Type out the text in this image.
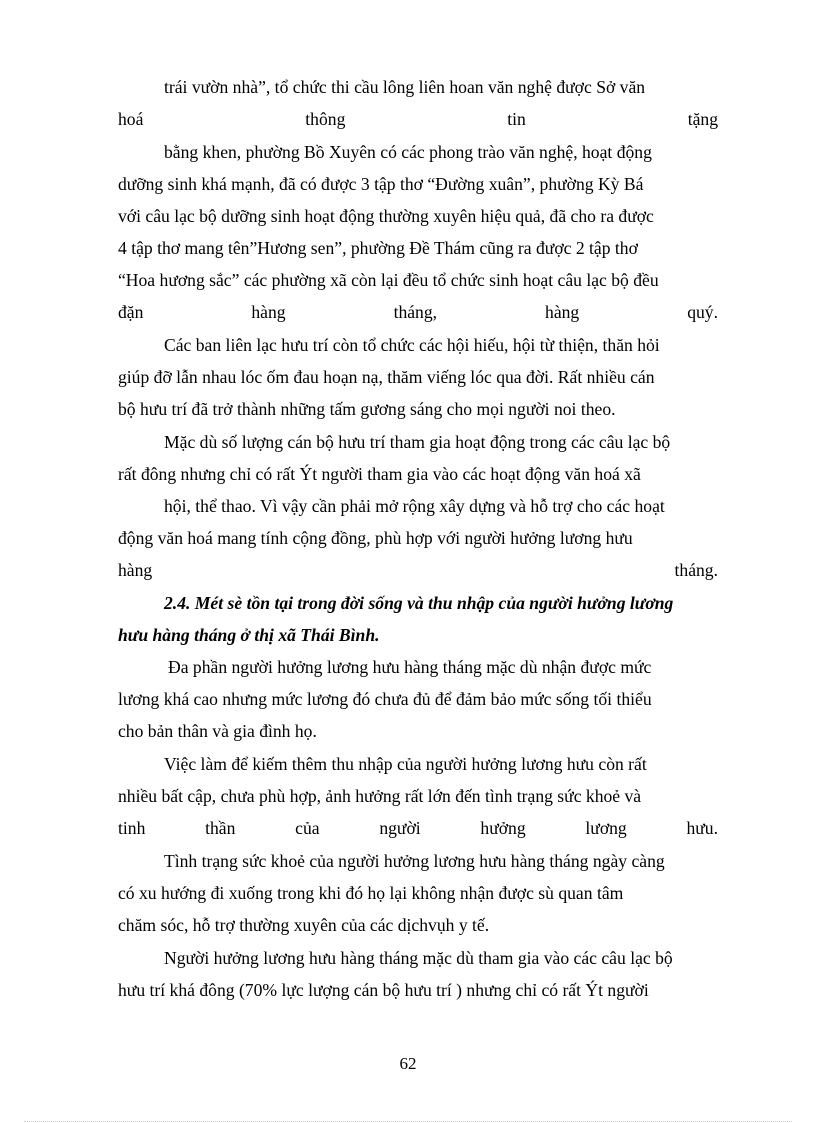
trái vườn nhà”, tổ chức thi cầu lông liên hoan văn nghệ được Sở văn
hoá thông tin tặng
bằng khen, phường Bồ Xuyên có các phong trào văn nghệ, hoạt động
dưỡng sinh khá mạnh, đã có được 3 tập thơ “Đường xuân”, phường Kỳ Bá
với câu lạc bộ dưỡng sinh hoạt động thường xuyên hiệu quả, đã cho ra được
4 tập thơ mang tên”Hương sen”, phường Đề Thám cũng ra được 2 tập thơ
“Hoa hương sắc” các phường xã còn lại đều tổ chức sinh hoạt câu lạc bộ đều
đặn hàng tháng, hàng quý.
Các ban liên lạc hưu trí còn tổ chức các hội hiếu, hội từ thiện, thăn hỏi
giúp đỡ lẫn nhau lóc ốm đau hoạn nạ, thăm viếng lóc qua đời. Rất nhiều cán
bộ hưu trí đã trở thành những tấm gương sáng cho mọi người noi theo.
Mặc dù số lượng cán bộ hưu trí tham gia hoạt động trong các câu lạc bộ
rất đông nhưng chỉ có rất Ýt người tham gia vào các hoạt động văn hoá xã
hội, thể thao. Vì vậy cần phải mở rộng xây dựng và hỗ trợ cho các hoạt
động văn hoá mang tính cộng đồng, phù hợp với người hưởng lương hưu
hàng tháng.
2.4. Mét sè tồn tại trong đời sống và thu nhập của người hưởng lương
hưu hàng tháng ở thị xã Thái Bình.
Đa phần người hưởng lương hưu hàng tháng mặc dù nhận được mức
lương khá cao nhưng mức lương đó chưa đủ để đảm bảo mức sống tối thiểu
cho bản thân và gia đình họ.
Việc làm để kiếm thêm thu nhập của người hưởng lương hưu còn rất
nhiều bất cập, chưa phù hợp, ảnh hưởng rất lớn đến tình trạng sức khoẻ và
tinh thần của người hưởng lương hưu.
Tình trạng sức khoẻ của người hưởng lương hưu hàng tháng ngày càng
có xu hướng đi xuống trong khi đó họ lại không nhận được sù quan tâm
chăm sóc, hỗ trợ thường xuyên của các dịchvụh y tế.
Người hưởng lương hưu hàng tháng mặc dù tham gia vào các câu lạc bộ
hưu trí khá đông (70% lực lượng cán bộ hưu trí ) nhưng chỉ có rất Ýt người
62
